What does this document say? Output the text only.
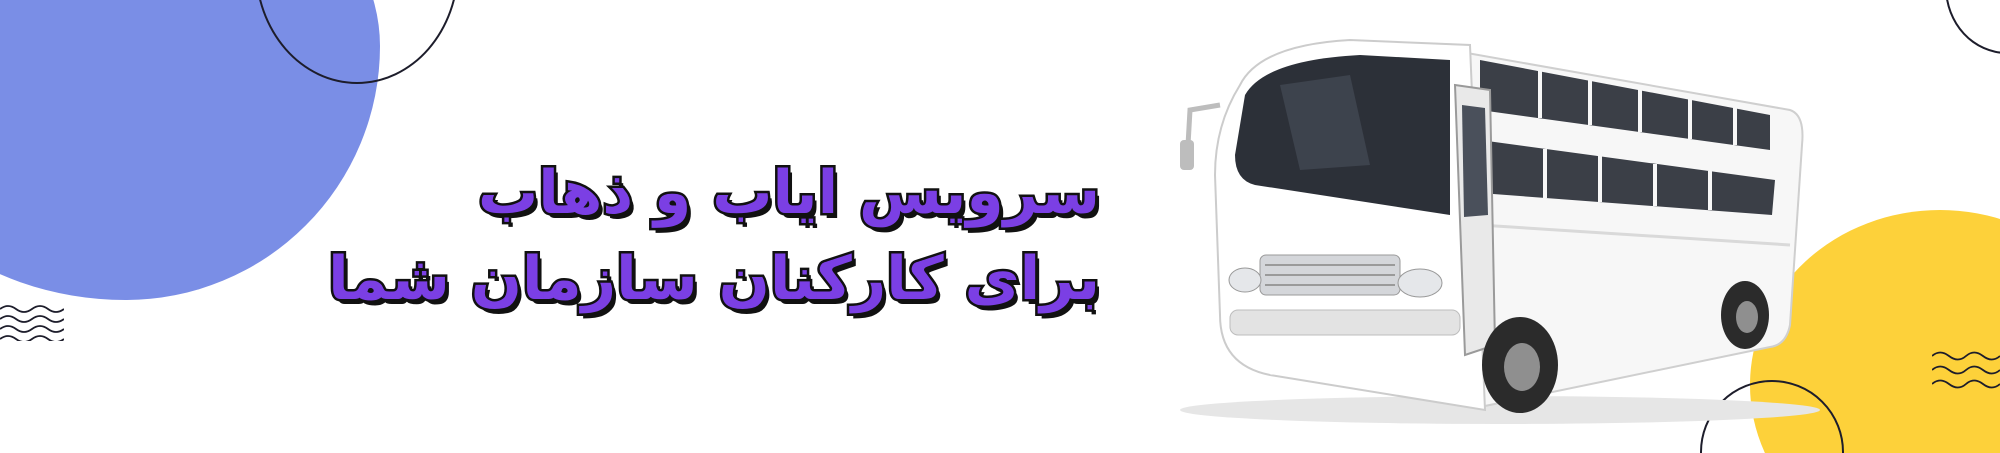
سرویس ایاب و ذهاب
برای کارکنان سازمان شما
